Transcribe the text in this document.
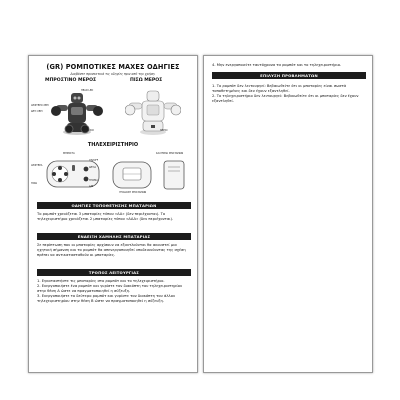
(GR) ΡΟΜΠΟΤΙΚΕΣ ΜΑΧΕΣ ΟΔΗΓΙΕΣ
Διαβάστε προσεκτικά τις οδηγίες πριν από την χρήση.
ΜΠΡΟΣΤΙΝΟ ΜΕΡΟΣ	ΠΙΣΩ ΜΕΡΟΣ
HEAD LED
ΑΡΙΣΤΕΡΟ ΧΕΡΙ
ΔΕΞΙ ΧΕΡΙ
ΤΡΟΧΟΙ	ΗΧΕΙΟ
ΤΗΛΕΧΕΙΡΙΣΤΗΡΙΟ
ΜΠΡΟΣΤΑ
ΑΡΙΣΤΕΡΑ
ΠΙΣΩ
ON/OFF
ΔΕΞΙΑ
ΓΡΟΘΙΑ
A/B
ΥΠΟΔΟΧΗ ΜΠΑΤΑΡΙΩΝ
ΚΑΛΥΜΜΑ ΜΠΑΤΑΡΙΩΝ
ΟΔΗΓΙΕΣ ΤΟΠΟΘΕΤΗΣΗΣ ΜΠΑΤΑΡΙΩΝ
Το ρομπότ χρειάζεται 3 μπαταρίες τύπου «AA» (δεν περιέχονται). Το τηλεχειριστήριο χρειάζεται 2 μπαταρίες τύπου «AAA» (δεν περιέχονται).
ΕΝΔΕΙΞΗ ΧΑΜΗΛΗΣ ΜΠΑΤΑΡΙΑΣ
Σε περίπτωση που οι μπαταρίες αρχίσουν να εξαντλούνται θα ακουστεί μια ηχητική σήμανση και το ρομπότ θα απενεργοποιηθεί υποδεικνύοντας της σχέση πρέπει να αντικατασταθούν οι μπαταρίες.
ΤΡΟΠΟΣ ΛΕΙΤΟΥΡΓΙΑΣ

1. Εγκαταστήστε τις μπαταρίες στο ρομπότ και το τηλεχειριστήριο.

2. Ενεργοποιήστε ένα ρομπότ και γυρίστε τον διακόπτη του τηλεχειριστηρίου στην θέση A ώστε να πραγματοποιηθεί η σύζευξη.

3. Ενεργοποιήστε το δεύτερο ρομπότ και γυρίστε τον διακόπτη του άλλου τηλεχειριστηρίου στην θέση B ώστε να πραγματοποιηθεί η σύζευξη.

4. Μην ενεργοποιείτε ταυτόχρονα τα ρομπότ και το τηλεχειριστήριο.
ΕΠΙΛΥΣΗ ΠΡΟΒΛΗΜΑΤΩΝ

1. Το ρομπότ δεν λειτουργεί: Βεβαιωθείτε ότι οι μπαταρίες είναι σωστά τοποθετημένες και δεν έχουν εξαντληθεί.

2. Το τηλεχειριστήριο δεν λειτουργεί: Βεβαιωθείτε ότι οι μπαταρίες δεν έχουν εξαντληθεί.
